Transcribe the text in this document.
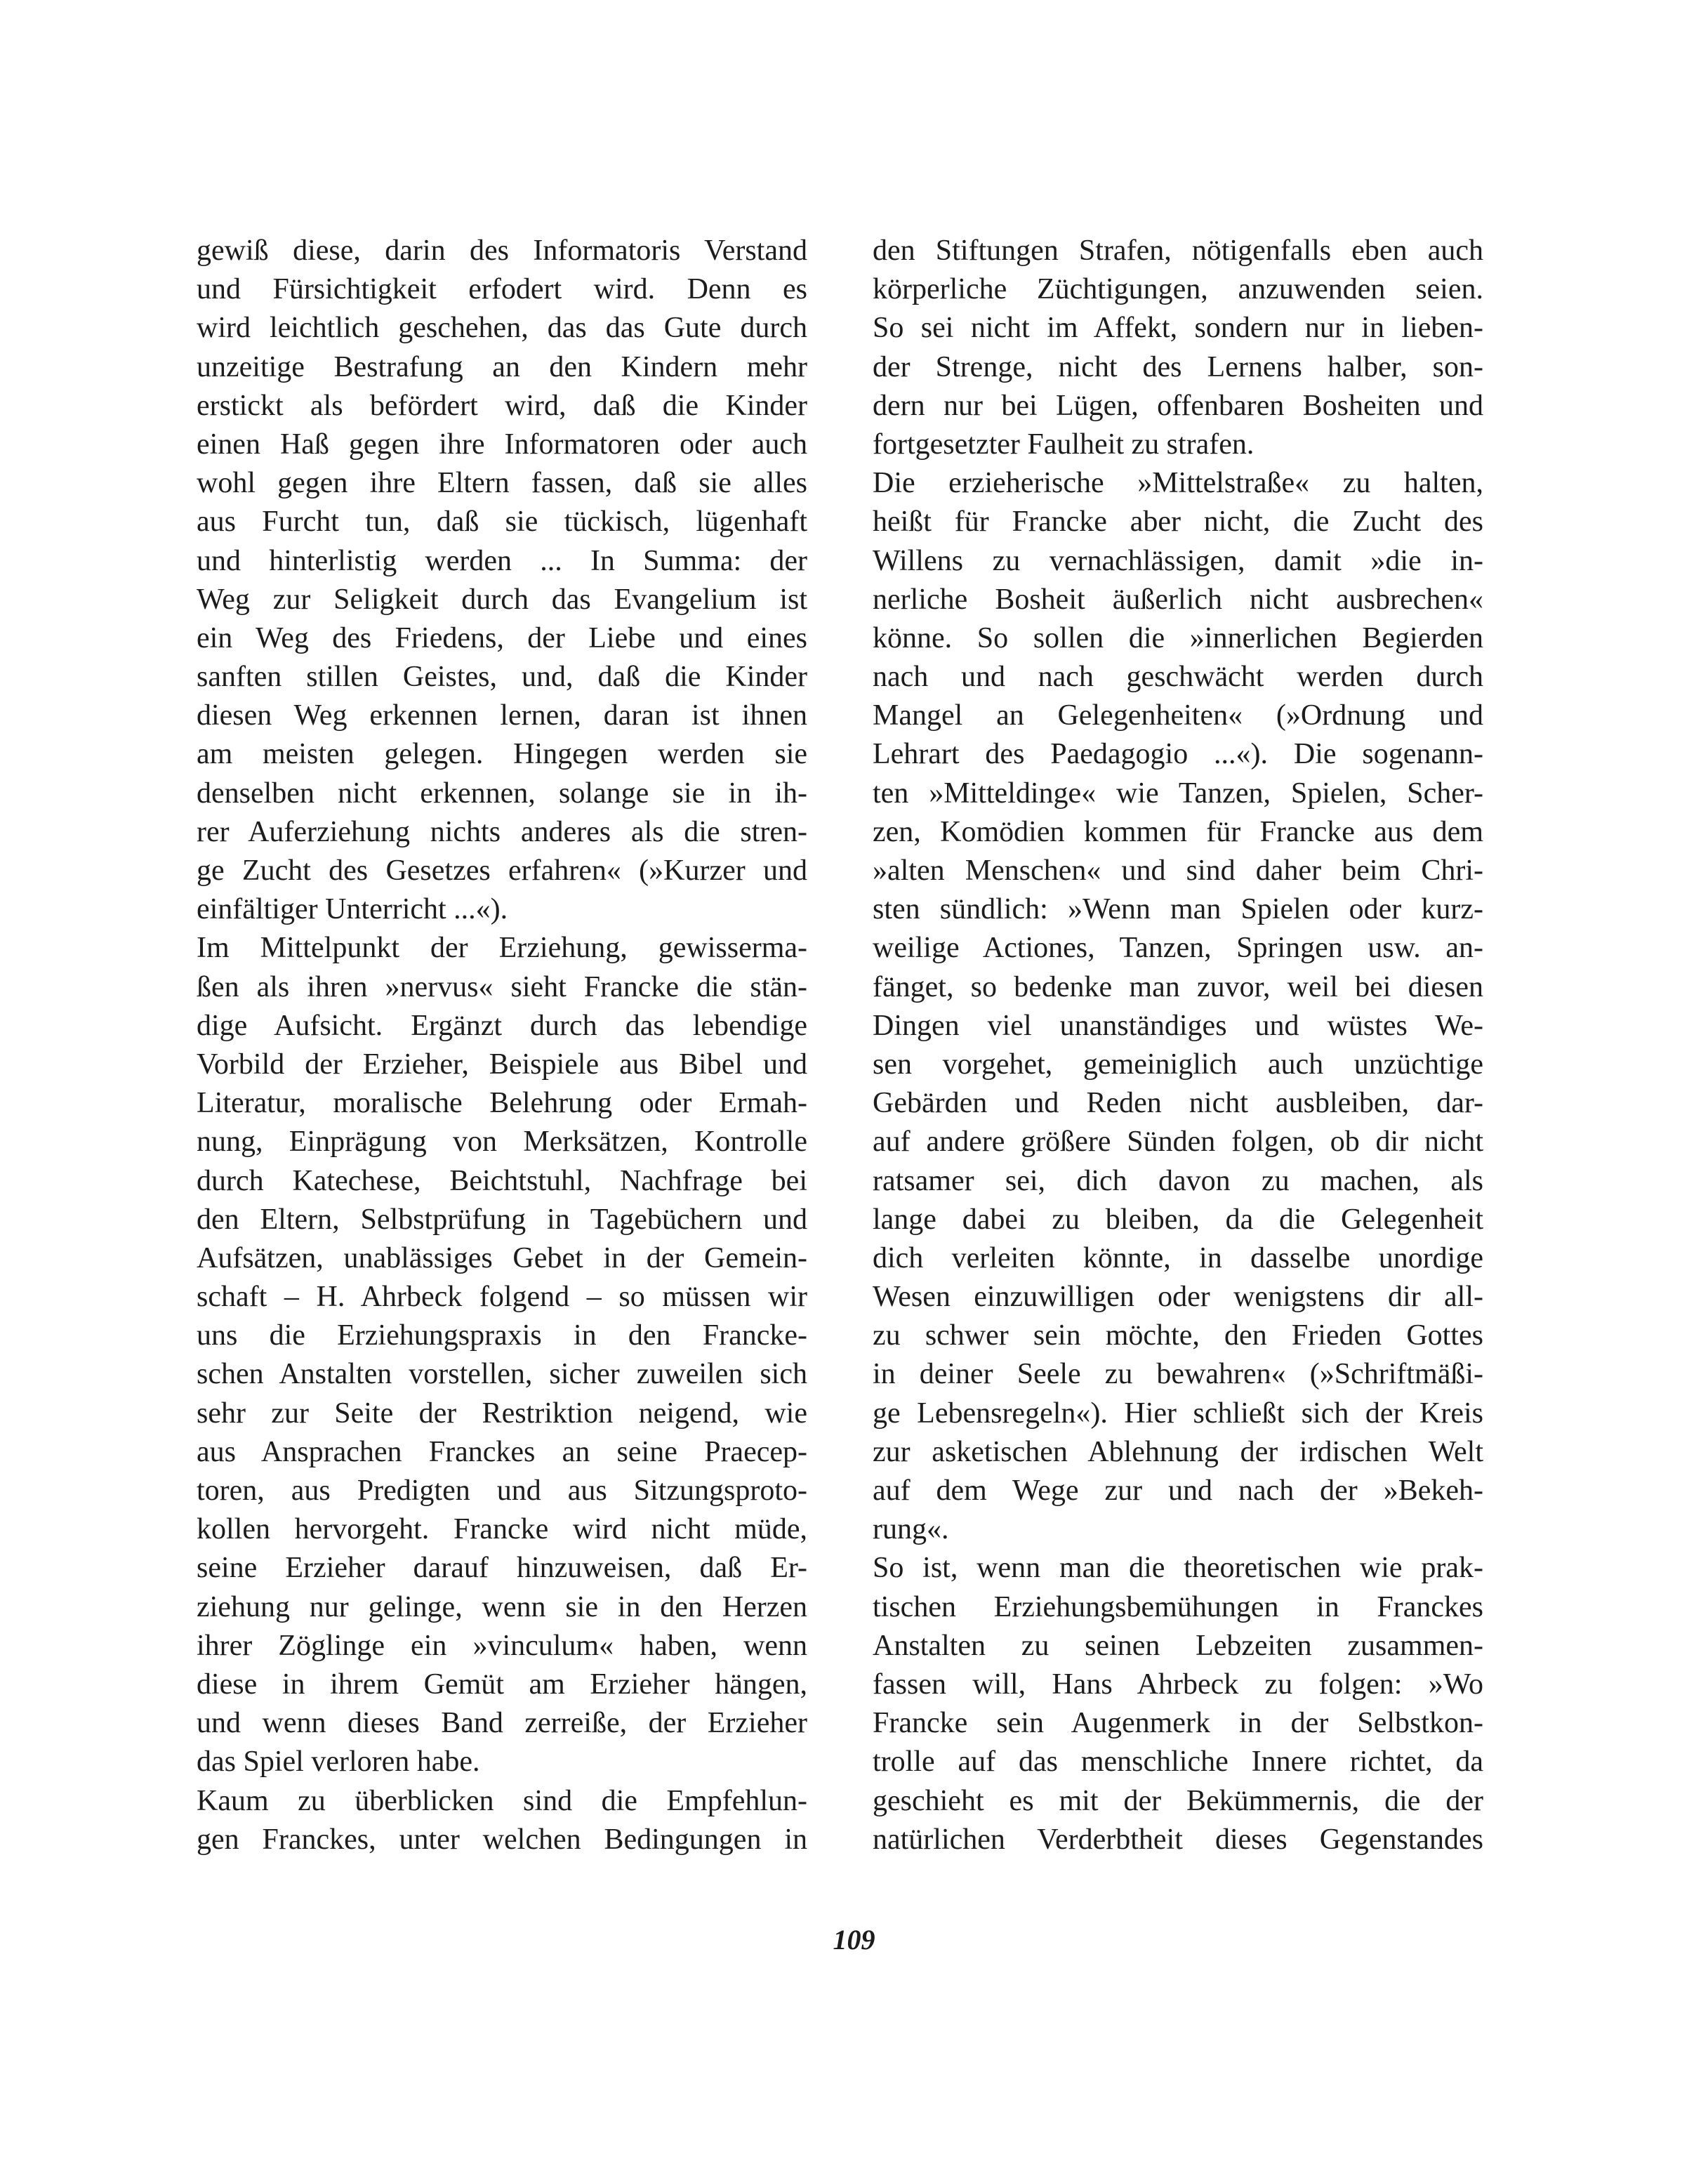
gewiß diese, darin des Informatoris Verstand
und Fürsichtigkeit erfodert wird. Denn es
wird leichtlich geschehen, das das Gute durch
unzeitige Bestrafung an den Kindern mehr
erstickt als befördert wird, daß die Kinder
einen Haß gegen ihre Informatoren oder auch
wohl gegen ihre Eltern fassen, daß sie alles
aus Furcht tun, daß sie tückisch, lügenhaft
und hinterlistig werden ... In Summa: der
Weg zur Seligkeit durch das Evangelium ist
ein Weg des Friedens, der Liebe und eines
sanften stillen Geistes, und, daß die Kinder
diesen Weg erkennen lernen, daran ist ihnen
am meisten gelegen. Hingegen werden sie
denselben nicht erkennen, solange sie in ih-
rer Auferziehung nichts anderes als die stren-
ge Zucht des Gesetzes erfahren« (»Kurzer und
einfältiger Unterricht ...«).
Im Mittelpunkt der Erziehung, gewisserma-
ßen als ihren »nervus« sieht Francke die stän-
dige Aufsicht. Ergänzt durch das lebendige
Vorbild der Erzieher, Beispiele aus Bibel und
Literatur, moralische Belehrung oder Ermah-
nung, Einprägung von Merksätzen, Kontrolle
durch Katechese, Beichtstuhl, Nachfrage bei
den Eltern, Selbstprüfung in Tagebüchern und
Aufsätzen, unablässiges Gebet in der Gemein-
schaft – H. Ahrbeck folgend – so müssen wir
uns die Erziehungspraxis in den Francke-
schen Anstalten vorstellen, sicher zuweilen sich
sehr zur Seite der Restriktion neigend, wie
aus Ansprachen Franckes an seine Praecep-
toren, aus Predigten und aus Sitzungsproto-
kollen hervorgeht. Francke wird nicht müde,
seine Erzieher darauf hinzuweisen, daß Er-
ziehung nur gelinge, wenn sie in den Herzen
ihrer Zöglinge ein »vinculum« haben, wenn
diese in ihrem Gemüt am Erzieher hängen,
und wenn dieses Band zerreiße, der Erzieher
das Spiel verloren habe.
Kaum zu überblicken sind die Empfehlun-
gen Franckes, unter welchen Bedingungen in
den Stiftungen Strafen, nötigenfalls eben auch
körperliche Züchtigungen, anzuwenden seien.
So sei nicht im Affekt, sondern nur in lieben-
der Strenge, nicht des Lernens halber, son-
dern nur bei Lügen, offenbaren Bosheiten und
fortgesetzter Faulheit zu strafen.
Die erzieherische »Mittelstraße« zu halten,
heißt für Francke aber nicht, die Zucht des
Willens zu vernachlässigen, damit »die in-
nerliche Bosheit äußerlich nicht ausbrechen«
könne. So sollen die »innerlichen Begierden
nach und nach geschwächt werden durch
Mangel an Gelegenheiten« (»Ordnung und
Lehrart des Paedagogio ...«). Die sogenann-
ten »Mitteldinge« wie Tanzen, Spielen, Scher-
zen, Komödien kommen für Francke aus dem
»alten Menschen« und sind daher beim Chri-
sten sündlich: »Wenn man Spielen oder kurz-
weilige Actiones, Tanzen, Springen usw. an-
fänget, so bedenke man zuvor, weil bei diesen
Dingen viel unanständiges und wüstes We-
sen vorgehet, gemeiniglich auch unzüchtige
Gebärden und Reden nicht ausbleiben, dar-
auf andere größere Sünden folgen, ob dir nicht
ratsamer sei, dich davon zu machen, als
lange dabei zu bleiben, da die Gelegenheit
dich verleiten könnte, in dasselbe unordige
Wesen einzuwilligen oder wenigstens dir all-
zu schwer sein möchte, den Frieden Gottes
in deiner Seele zu bewahren« (»Schriftmäßi-
ge Lebensregeln«). Hier schließt sich der Kreis
zur asketischen Ablehnung der irdischen Welt
auf dem Wege zur und nach der »Bekeh-
rung«.
So ist, wenn man die theoretischen wie prak-
tischen Erziehungsbemühungen in Franckes
Anstalten zu seinen Lebzeiten zusammen-
fassen will, Hans Ahrbeck zu folgen: »Wo
Francke sein Augenmerk in der Selbstkon-
trolle auf das menschliche Innere richtet, da
geschieht es mit der Bekümmernis, die der
natürlichen Verderbtheit dieses Gegenstandes
109
